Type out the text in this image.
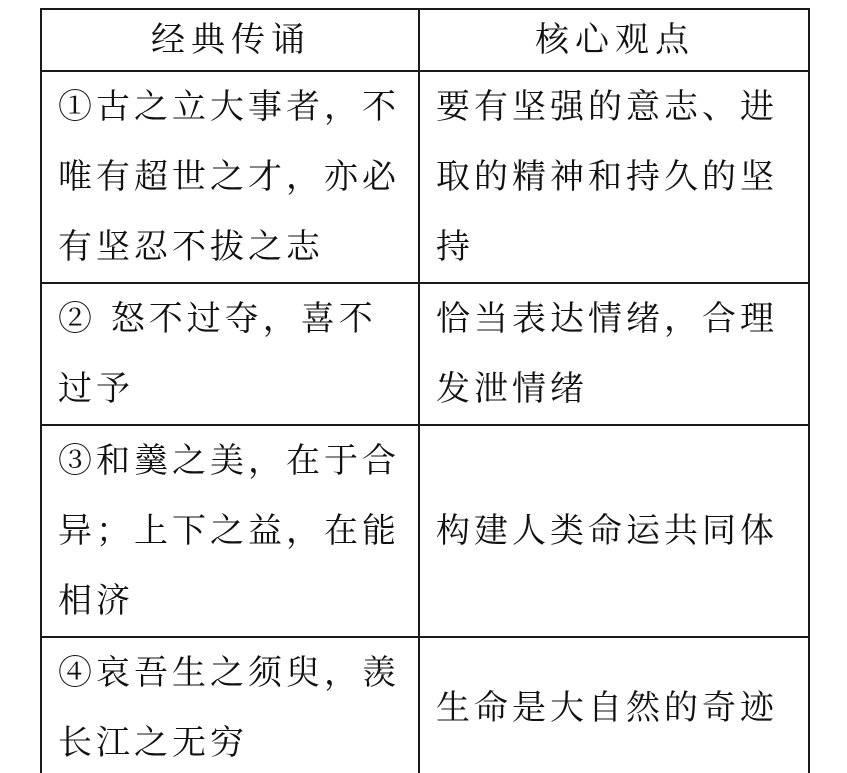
经典传诵	核心观点
①古之立大事者，不唯有超世之才，亦必有坚忍不拔之志	要有坚强的意志、进取的精神和持久的坚持
② 怒不过夺，喜不过予	恰当表达情绪，合理发泄情绪
③和羹之美，在于合异；上下之益，在能相济	构建人类命运共同体
④哀吾生之须臾，羡长江之无穷	生命是大自然的奇迹
